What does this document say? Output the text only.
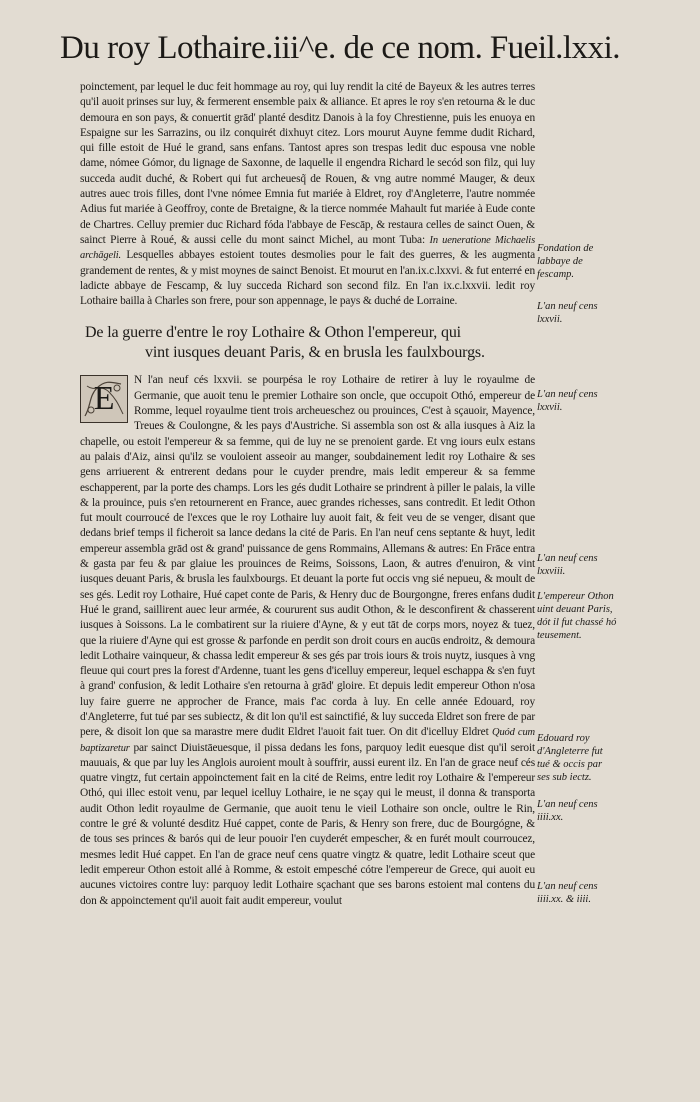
Du roy Lothaire.iii^e. de ce nom. Fueil.lxxi.

poinctement, par lequel le duc feit hommage au roy, qui luy rendit la cité de Bayeux & les autres terres qu'il auoit prinses sur luy, & fermerent ensemble paix & alliance. Et apres le roy s'en retourna & le duc demoura en son pays, & conuertit grād' planté desditz Danois à la foy Chrestienne, puis les enuoya en Espaigne sur les Sarrazins, ou ilz conquirét dixhuyt citez. Lors mourut Auyne femme dudit Richard, qui fille estoit de Hué le grand, sans enfans. Tantost apres son trespas ledit duc espousa vne noble dame, nómee Gómor, du lignage de Saxonne, de laquelle il engendra Richard le secód son filz, qui luy succeda audit duché, & Robert qui fut archeuesq̃ de Rouen, & vng autre nommé Mauger, & deux autres auec trois filles, dont l'vne nómee Emnia fut mariée à Eldret, roy d'Angleterre, l'autre nommée Adius fut mariée à Geoffroy, conte de Bretaigne, & la tierce nommée Mahault fut mariée à Eude conte de Chartres. Celluy premier duc Richard fóda l'abbaye de Fescāp, & restaura celles de sainct Ouen, & sainct Pierre à Roué, & aussi celle du mont sainct Michel, au mont Tuba: In ueneratione Michaelis archāgeli. Lesquelles abbayes estoient toutes desmolies pour le fait des guerres, & les augmenta grandement de rentes, & y mist moynes de sainct Benoist. Et mourut en l'an.ix.c.lxxvi. & fut enterré en ladicte abbaye de Fescamp, & luy succeda Richard son second filz. En l'an ix.c.lxxvii. ledit roy Lothaire bailla à Charles son frere, pour son appennage, le pays & duché de Lorraine.

De la guerre d'entre le roy Lothaire & Othon l'empereur, qui
vint iusques deuant Paris, & en brusla les faulxbourgs.

E	N l'an neuf cés lxxvii. se pourpésa le roy Lothaire de retirer à luy le royaulme de Germanie, que auoit tenu le premier Lothaire son oncle, que occupoit Othó, empereur de Romme, lequel royaulme tient trois archeueschez ou prouinces, C'est à sçauoir, Mayence, Treues & Coulongne, & les pays d'Austriche. Si assembla son ost & alla iusques à Aiz la chapelle, ou estoit l'empereur & sa femme, qui de luy ne se prenoient garde. Et vng iours eulx estans au palais d'Aiz, ainsi qu'ilz se vouloient asseoir au manger, soubdainement ledit roy Lothaire & ses gens arriuerent & entrerent dedans pour le cuyder prendre, mais ledit empereur & sa femme eschapperent, par la porte des champs. Lors les gés dudit Lothaire se prindrent à piller le palais, la ville & la prouince, puis s'en retournerent en France, auec grandes richesses, sans contredit. Et ledit Othon fut moult courroucé de l'exces que le roy Lothaire luy auoit fait, & feit veu de se venger, disant que dedans brief temps il ficheroit sa lance dedans la cité de Paris. En l'an neuf cens septante & huyt, ledit empereur assembla grād ost & grand' puissance de gens Rommains, Allemans & autres: En Frāce entra & gasta par feu & par glaiue les prouinces de Reims, Soissons, Laon, & autres d'enuiron, & vint iusques deuant Paris, & brusla les faulxbourgs. Et deuant la porte fut occis vng sié nepueu, & moult de ses gés. Ledit roy Lothaire, Hué capet conte de Paris, & Henry duc de Bourgongne, freres enfans dudit Hué le grand, saillirent auec leur armée, & coururent sus audit Othon, & le desconfirent & chasserent iusques à Soissons. La le combatirent sur la riuiere d'Ayne, & y eut tāt de corps mors, noyez & tuez, que la riuiere d'Ayne qui est grosse & parfonde en perdit son droit cours en aucūs endroitz, & demoura ledit Lothaire vainqueur, & chassa ledit empereur & ses gés par trois iours & trois nuytz, iusques à vng fleuue qui court pres la forest d'Ardenne, tuant les gens d'icelluy empereur, lequel eschappa & s'en fuyt à grand' confusion, & ledit Lothaire s'en retourna à grād' gloire. Et depuis ledit empereur Othon n'osa luy faire guerre ne approcher de France, mais f'ac corda à luy. En celle année Edouard, roy d'Angleterre, fut tué par ses subiectz, & dit lon qu'il est sainctifié, & luy succeda Eldret son frere de par pere, & disoit lon que sa marastre mere dudit Eldret l'auoit fait tuer. On dit d'icelluy Eldret Quód cum baptizaretur par sainct Diuistāeuesque, il pissa dedans les fons, parquoy ledit euesque dist qu'il seroit mauuais, & que par luy les Anglois auroient moult à souffrir, aussi eurent ilz. En l'an de grace neuf cés quatre vingtz, fut certain appoinctement fait en la cité de Reims, entre ledit roy Lothaire & l'empereur Othó, qui illec estoit venu, par lequel icelluy Lothaire, ie ne sçay qui le meust, il donna & transporta audit Othon ledit royaulme de Germanie, que auoit tenu le vieil Lothaire son oncle, oultre le Rin, contre le gré & volunté desditz Hué cappet, conte de Paris, & Henry son frere, duc de Bourgógne, & de tous ses princes & barós qui de leur pouoir l'en cuyderét empescher, & en furét moult courroucez, mesmes ledit Hué cappet. En l'an de grace neuf cens quatre vingtz & quatre, ledit Lothaire sceut que ledit empereur Othon estoit allé à Romme, & estoit empesché cótre l'empereur de Grece, qui auoit eu aucunes victoires contre luy: parquoy ledit Lothaire sçachant que ses barons estoient mal contens du don & appoinctement qu'il auoit fait audit empereur, voulut

Fondation de labbaye de fescamp.
L'an neuf cens lxxvii.
L'an neuf cens lxxvii.
L'an neuf cens lxxviii.
L'empereur Othon uint deuant Paris, dót il fut chassé hó teusement.
Edouard roy d'Angleterre fut tué & occis par ses sub iectz.
L'an neuf cens iiii.xx.
L'an neuf cens iiii.xx. & iiii.
